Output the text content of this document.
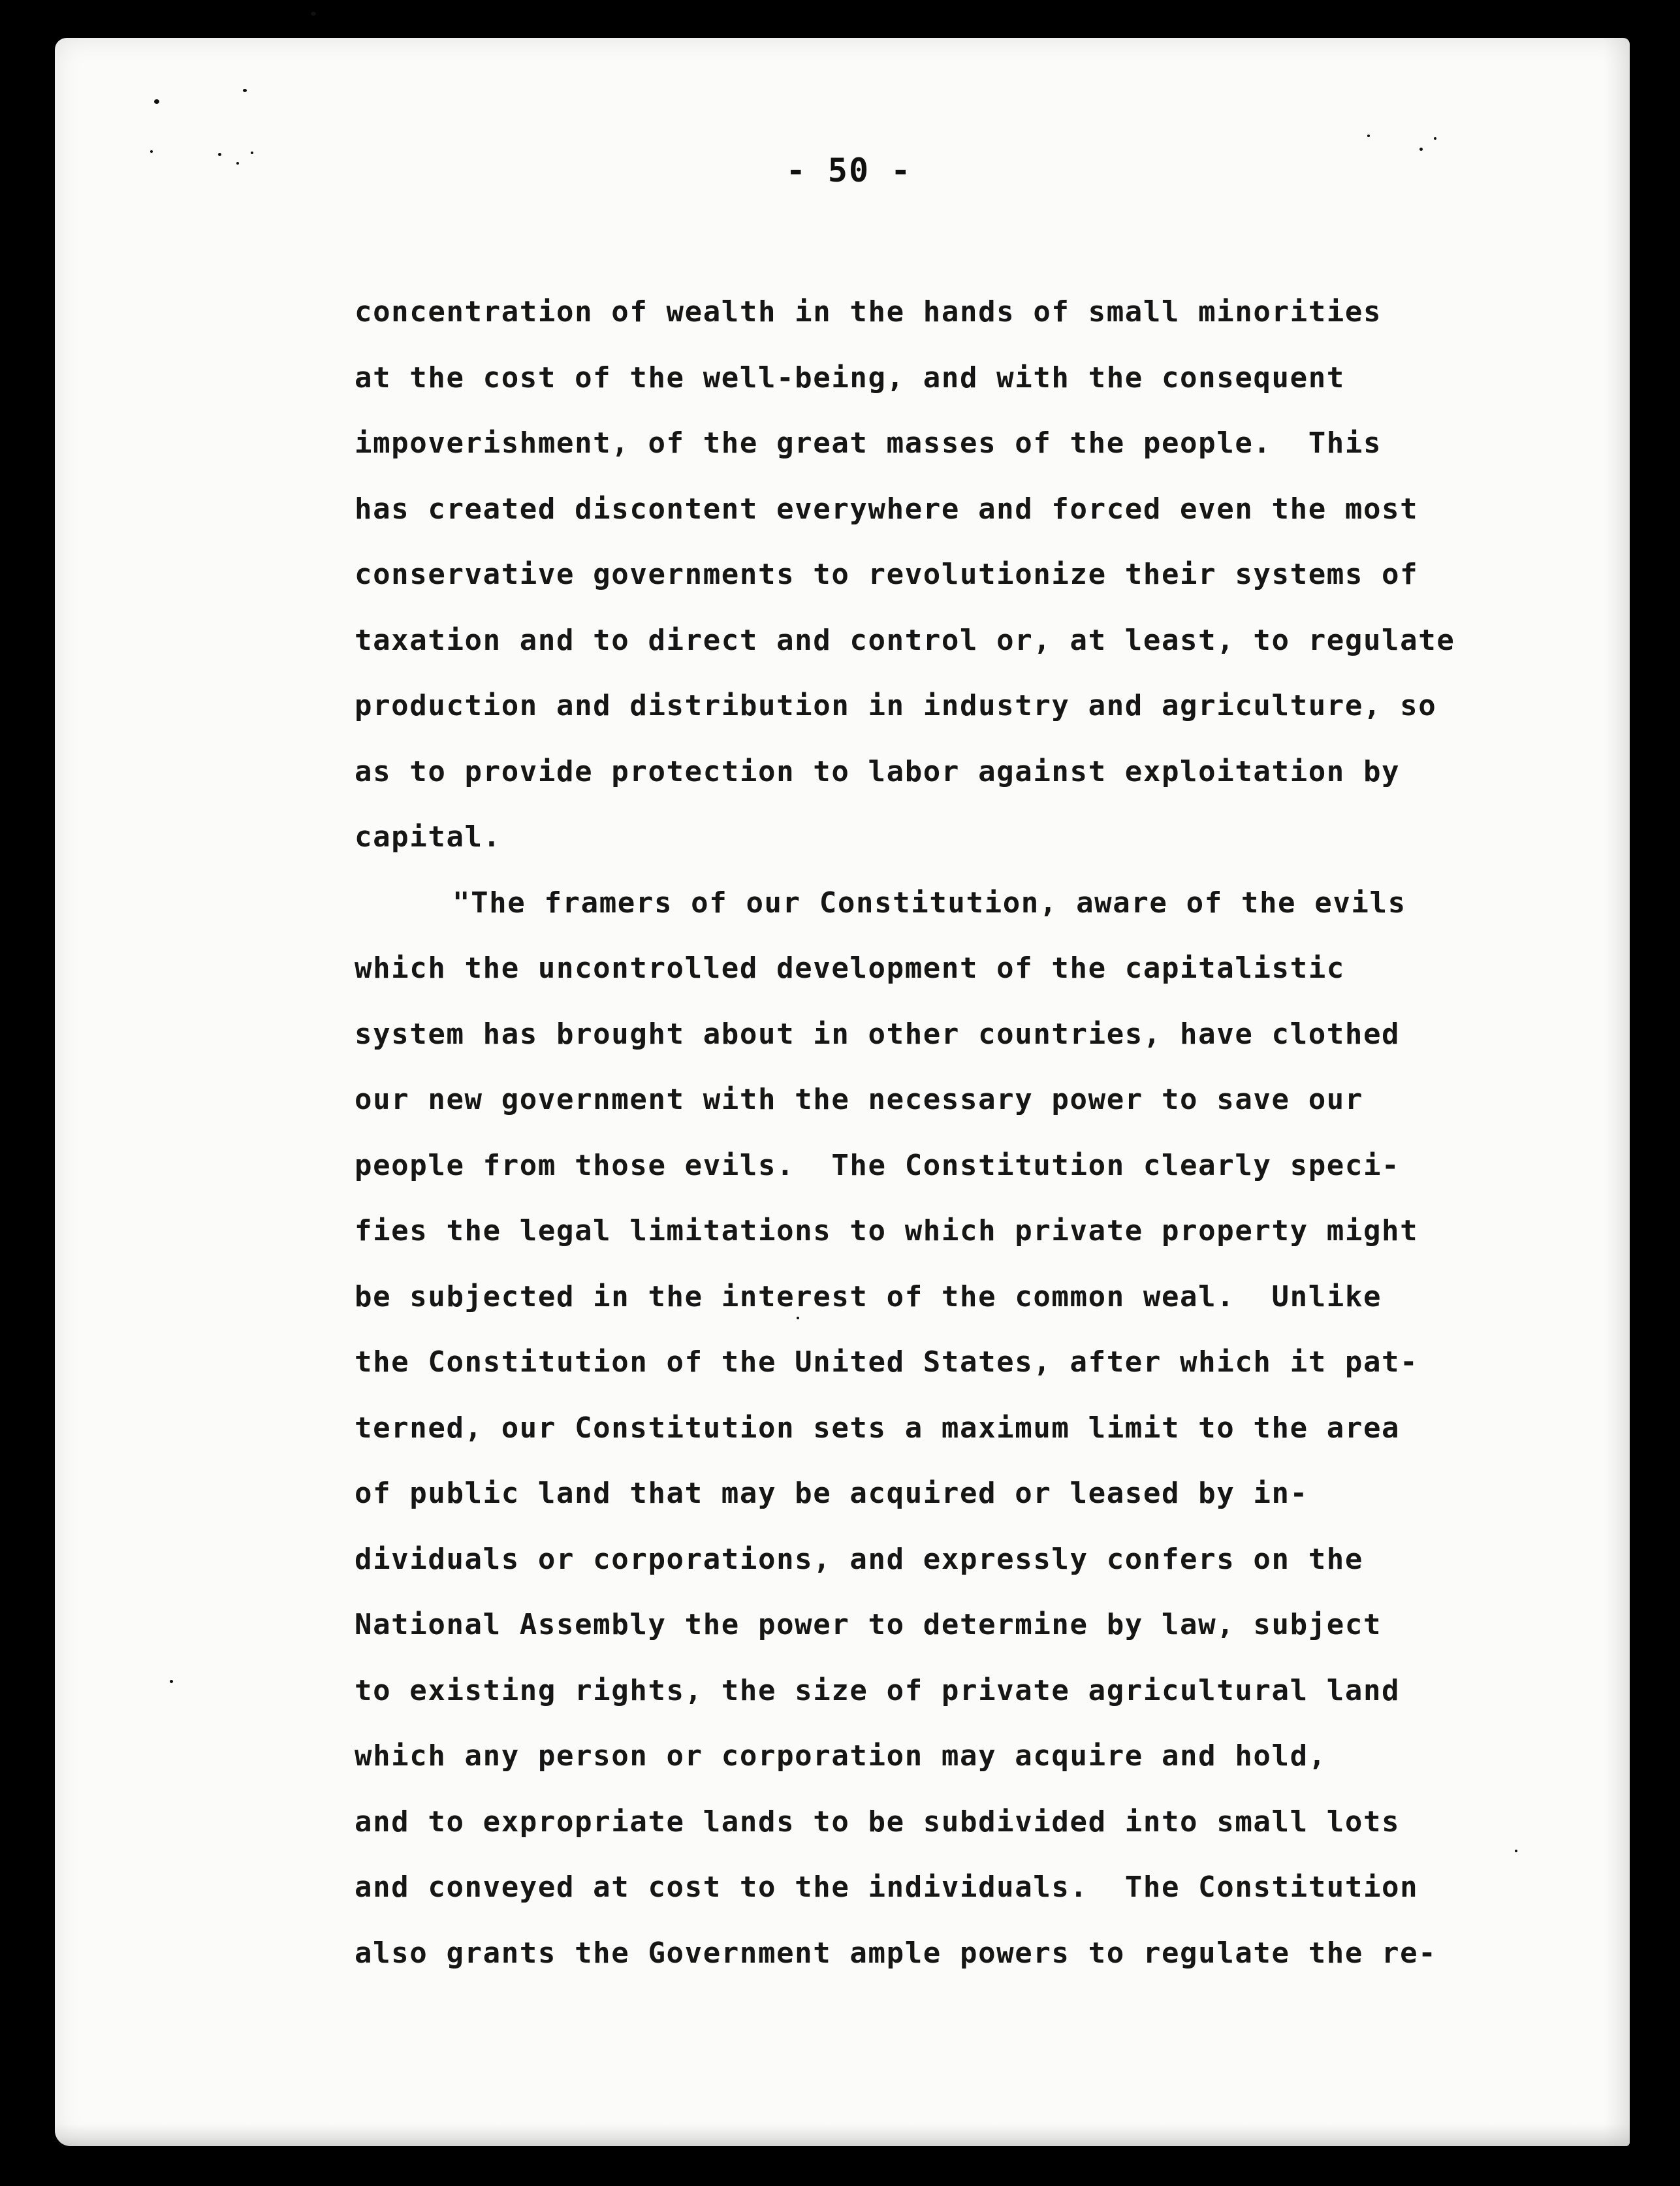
- 50 -
concentration of wealth in the hands of small minorities
at the cost of the well-being, and with the consequent
impoverishment, of the great masses of the people.  This
has created discontent everywhere and forced even the most
conservative governments to revolutionize their systems of
taxation and to direct and control or, at least, to regulate
production and distribution in industry and agriculture, so
as to provide protection to labor against exploitation by
capital.
"The framers of our Constitution, aware of the evils
which the uncontrolled development of the capitalistic
system has brought about in other countries, have clothed
our new government with the necessary power to save our
people from those evils.  The Constitution clearly speci-
fies the legal limitations to which private property might
be subjected in the interest of the common weal.  Unlike
the Constitution of the United States, after which it pat-
terned, our Constitution sets a maximum limit to the area
of public land that may be acquired or leased by in-
dividuals or corporations, and expressly confers on the
National Assembly the power to determine by law, subject
to existing rights, the size of private agricultural land
which any person or corporation may acquire and hold,
and to expropriate lands to be subdivided into small lots
and conveyed at cost to the individuals.  The Constitution
also grants the Government ample powers to regulate the re-
